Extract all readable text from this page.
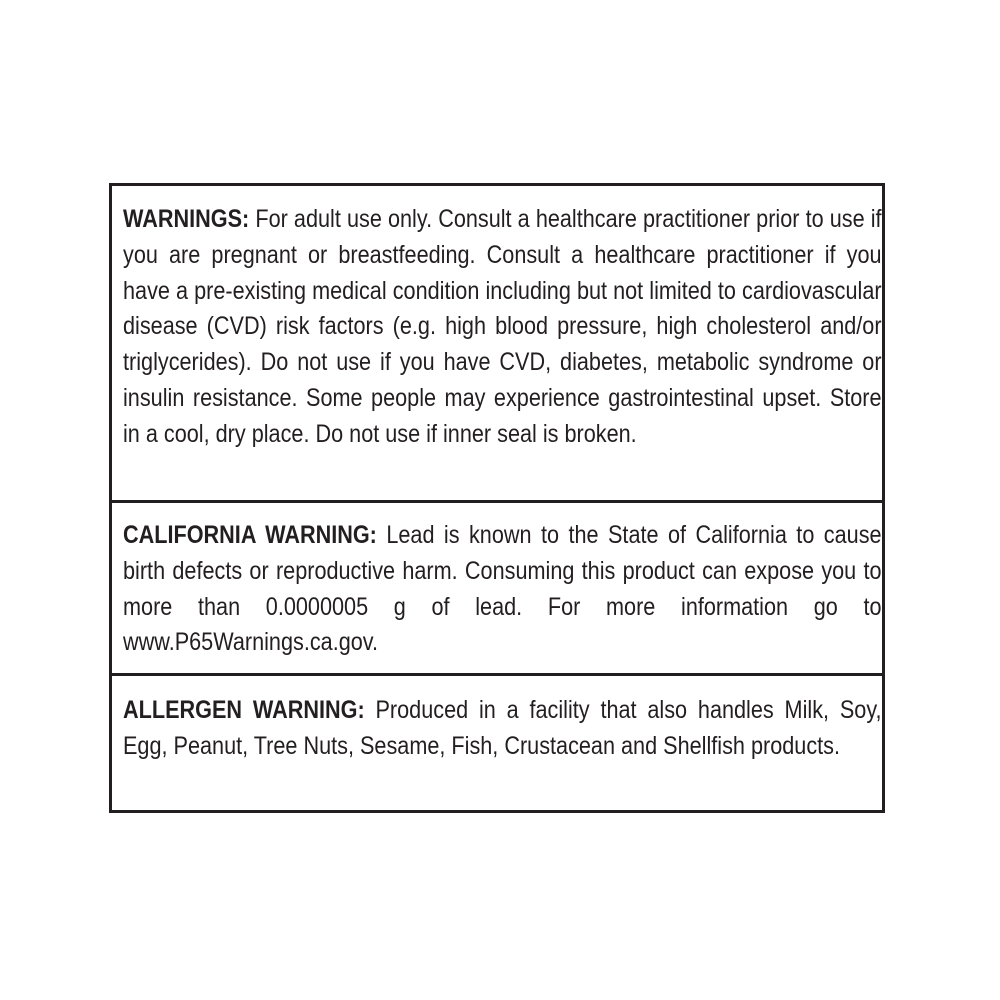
WARNINGS: For adult use only. Consult a healthcare practitioner prior to use if you are pregnant or breastfeeding. Consult a healthcare practitioner if you have a pre-existing medical condition including but not limited to cardiovascular disease (CVD) risk factors (e.g. high blood pressure, high cholesterol and/or triglycerides). Do not use if you have CVD, diabetes, metabolic syndrome or insulin resistance. Some people may experience gastrointestinal upset. Store in a cool, dry place. Do not use if inner seal is broken.
CALIFORNIA WARNING: Lead is known to the State of California to cause birth defects or reproductive harm. Consuming this product can expose you to more than 0.0000005 g of lead. For more information go to www.P65Warnings.ca.gov.
ALLERGEN WARNING: Produced in a facility that also handles Milk, Soy, Egg, Peanut, Tree Nuts, Sesame, Fish, Crustacean and Shellfish products.
